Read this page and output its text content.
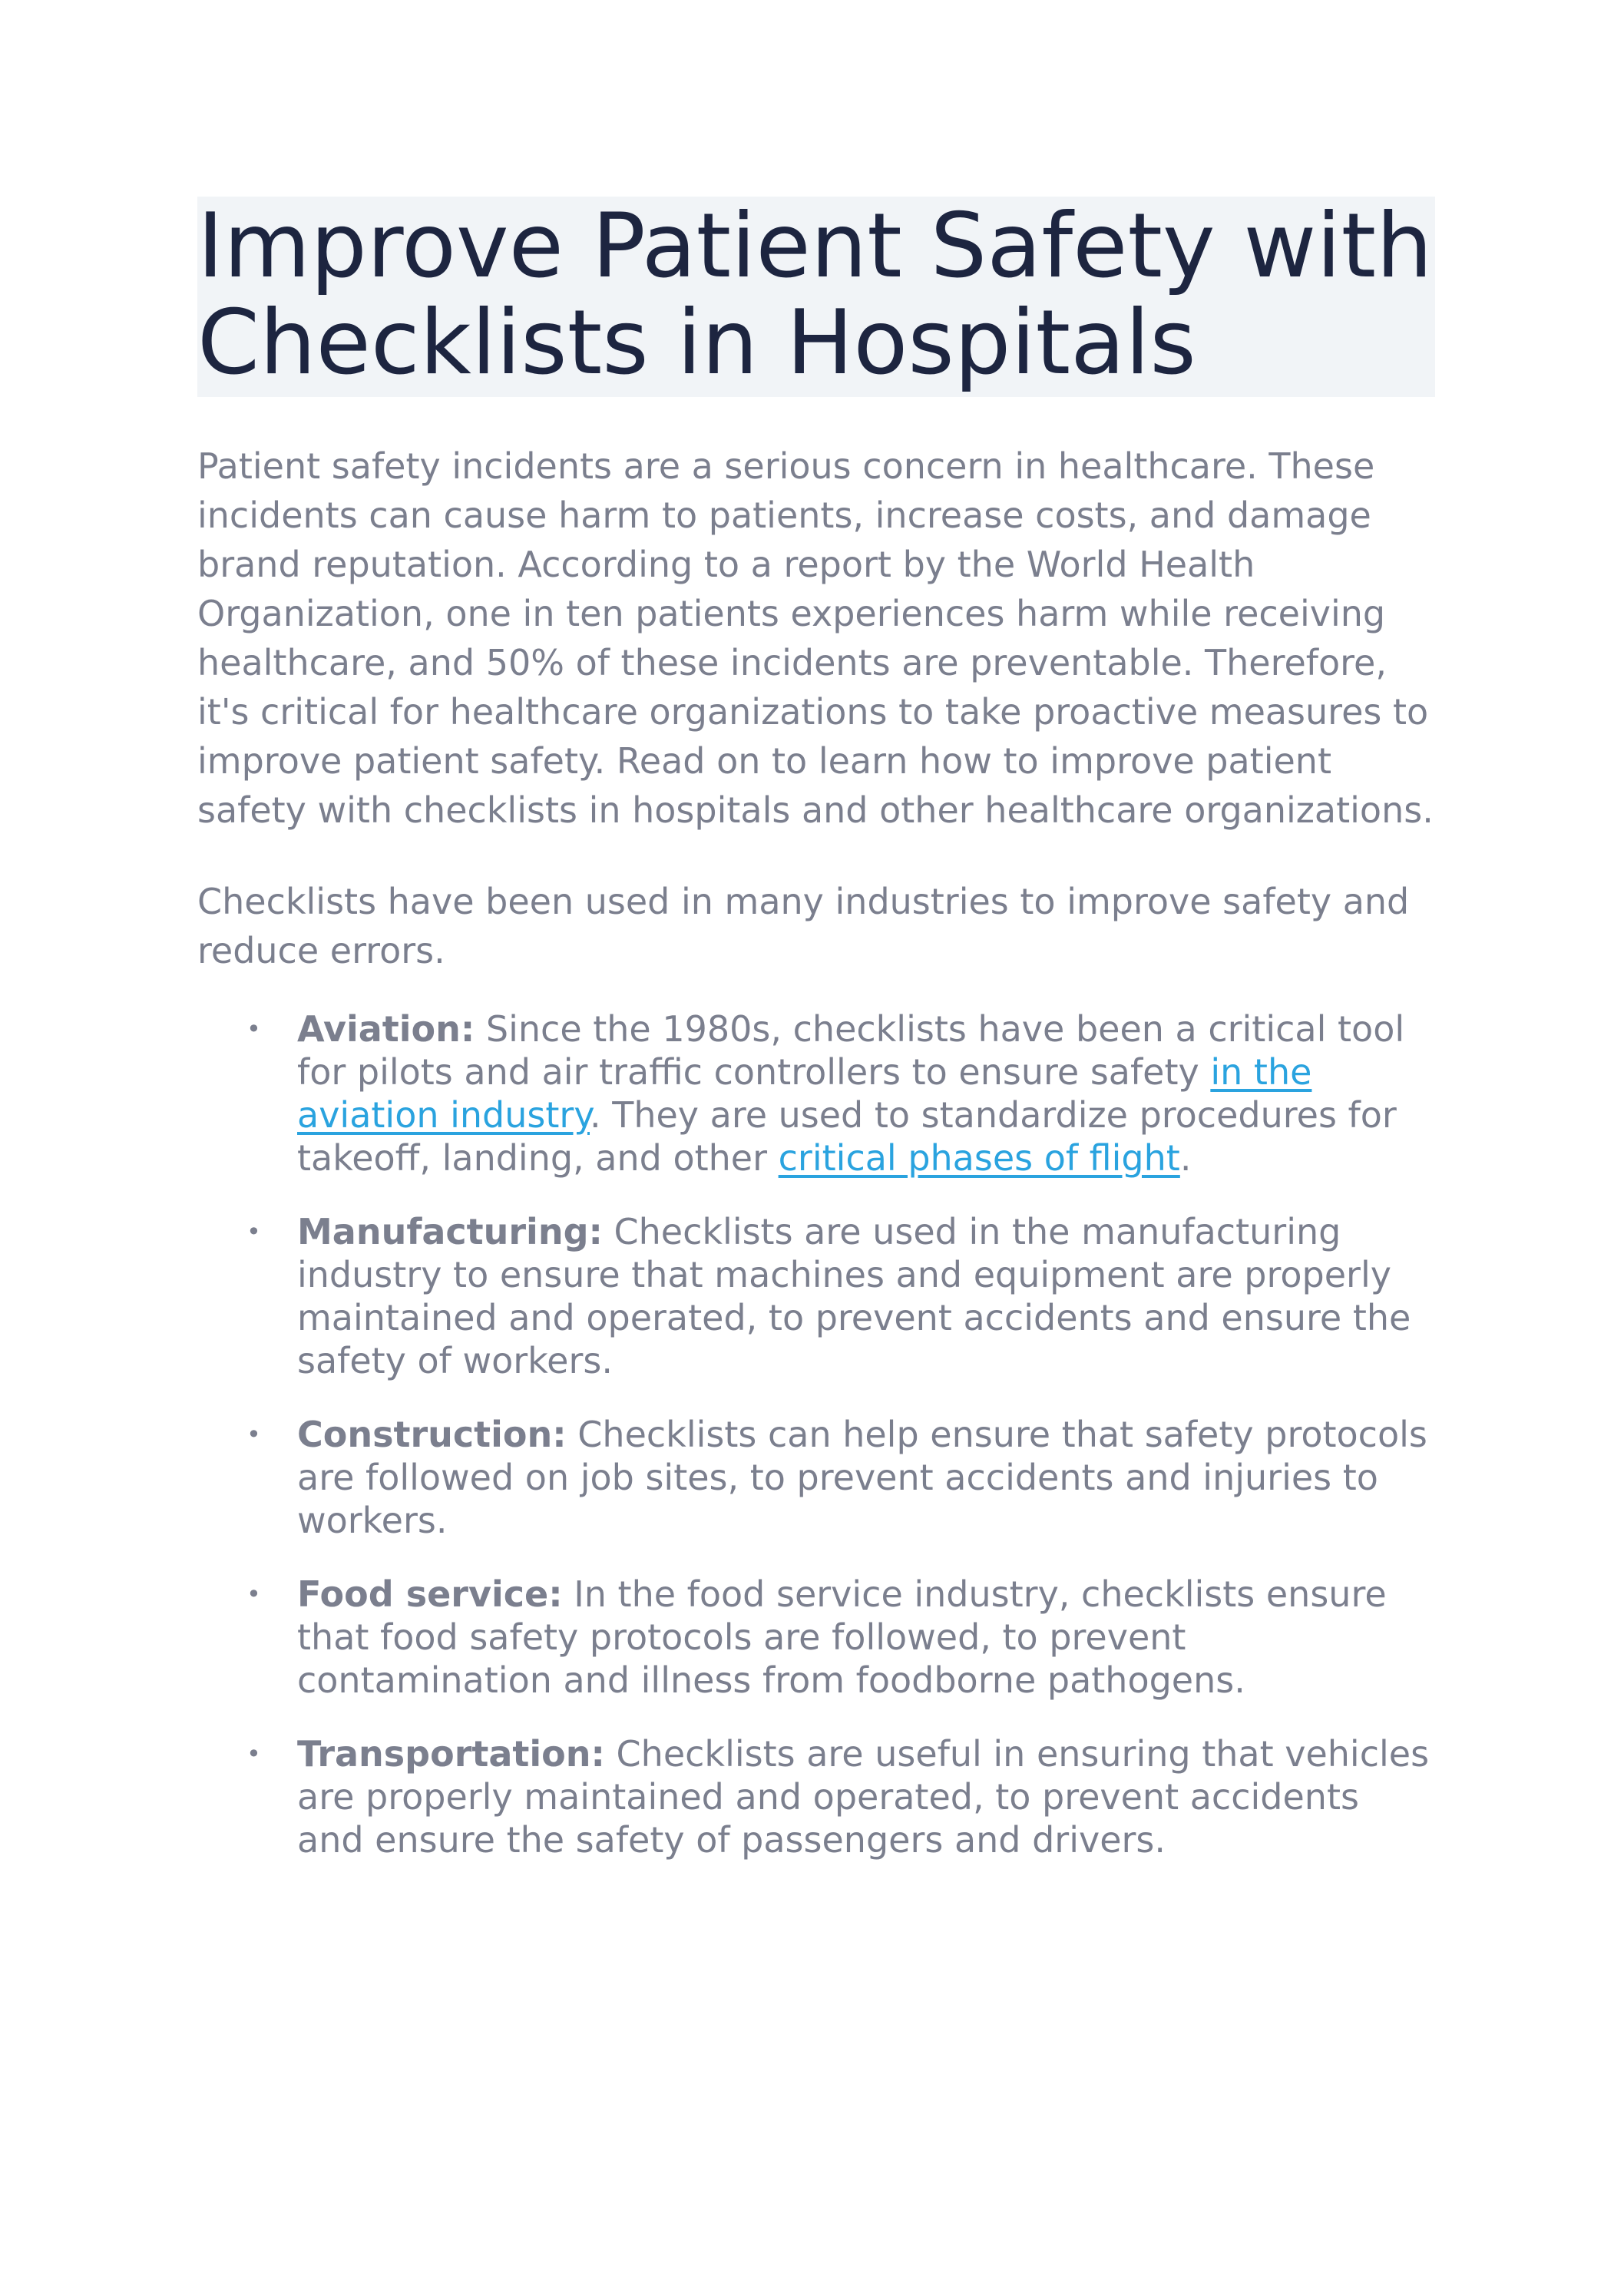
Improve Patient Safety with
Checklists in Hospitals

Patient safety incidents are a serious concern in healthcare. These incidents can cause harm to patients, increase costs, and damage brand reputation. According to a report by the World Health Organization, one in ten patients experiences harm while receiving healthcare, and 50% of these incidents are preventable. Therefore, it's critical for healthcare organizations to take proactive measures to improve patient safety. Read on to learn how to improve patient safety with checklists in hospitals and other healthcare organizations.

Checklists have been used in many industries to improve safety and reduce errors.

• Aviation: Since the 1980s, checklists have been a critical tool for pilots and air traffic controllers to ensure safety in the aviation industry. They are used to standardize procedures for takeoff, landing, and other critical phases of flight.
• Manufacturing: Checklists are used in the manufacturing industry to ensure that machines and equipment are properly maintained and operated, to prevent accidents and ensure the safety of workers.
• Construction: Checklists can help ensure that safety protocols are followed on job sites, to prevent accidents and injuries to workers.
• Food service: In the food service industry, checklists ensure that food safety protocols are followed, to prevent contamination and illness from foodborne pathogens.
• Transportation: Checklists are useful in ensuring that vehicles are properly maintained and operated, to prevent accidents and ensure the safety of passengers and drivers.
